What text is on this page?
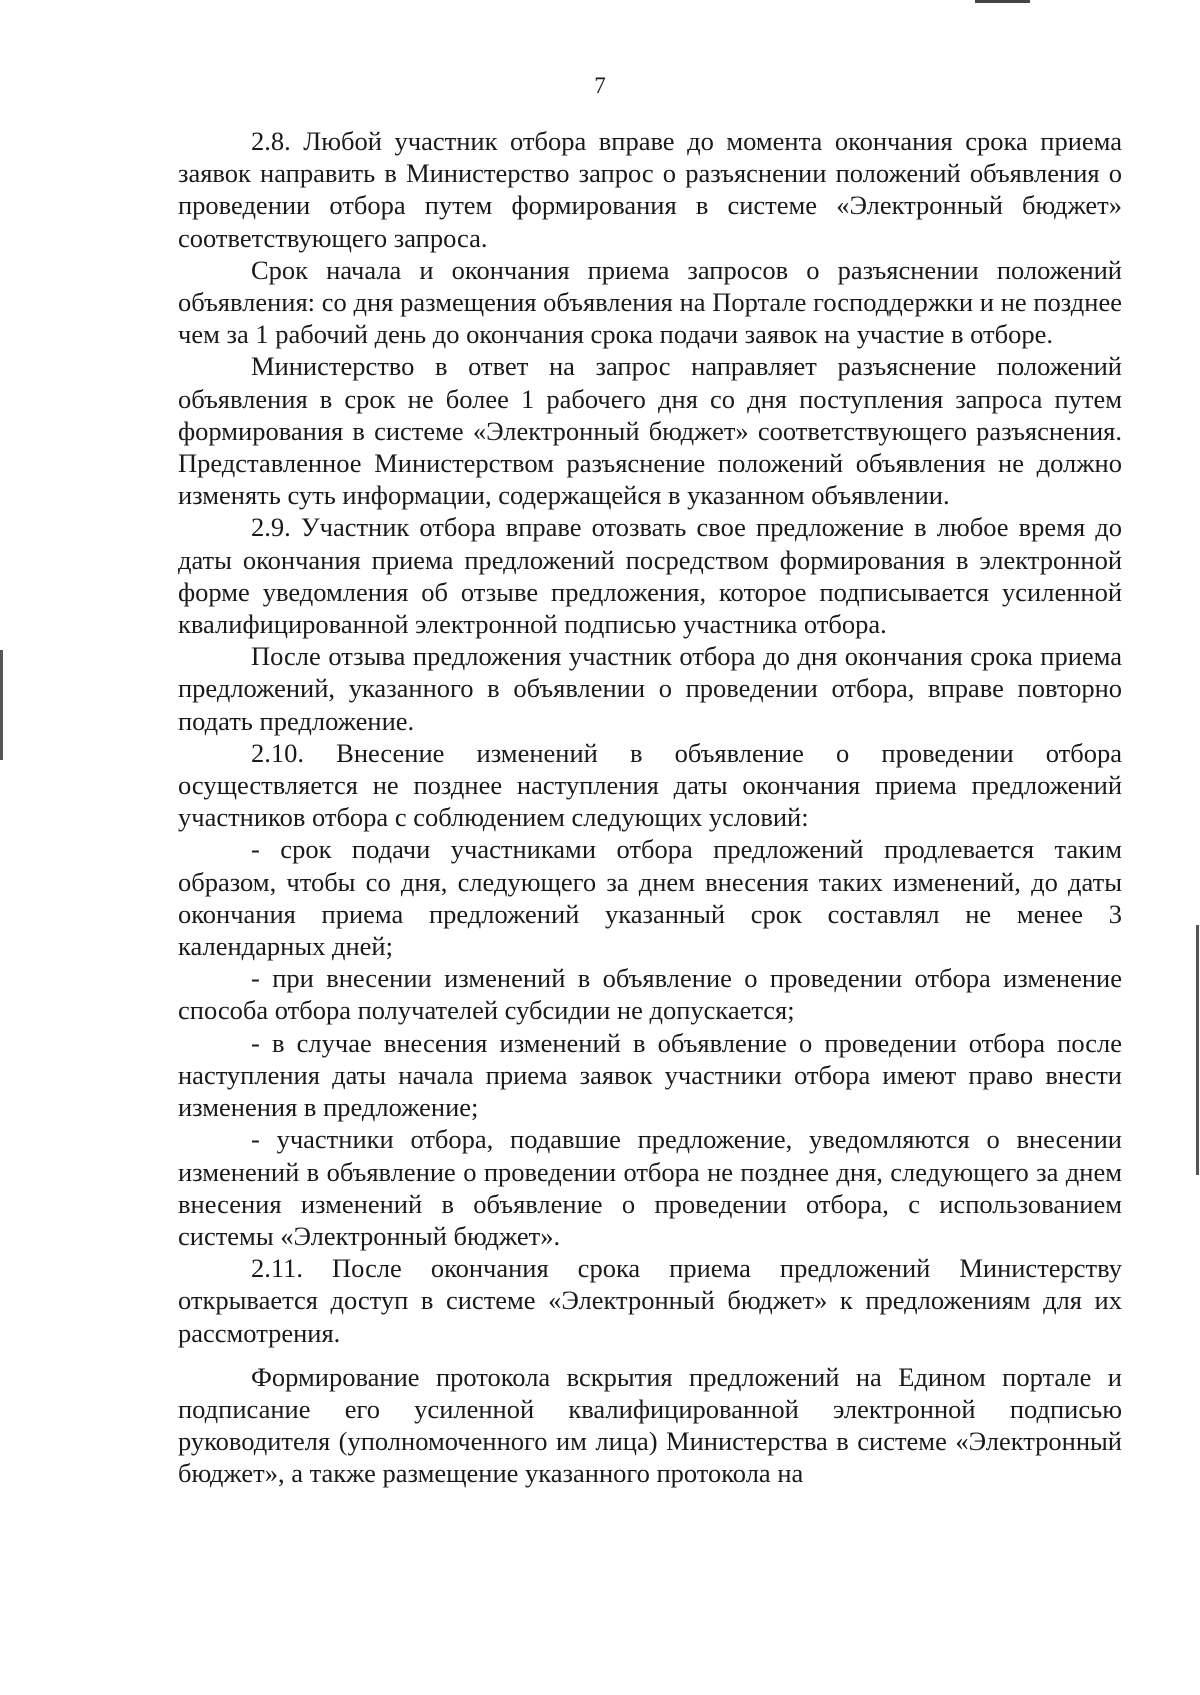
7

2.8. Любой участник отбора вправе до момента окончания срока приема заявок направить в Министерство запрос о разъяснении положений объявления о проведении отбора путем формирования в системе «Электронный бюджет» соответствующего запроса.

Срок начала и окончания приема запросов о разъяснении положений объявления: со дня размещения объявления на Портале господдержки и не позднее чем за 1 рабочий день до окончания срока подачи заявок на участие в отборе.

Министерство в ответ на запрос направляет разъяснение положений объявления в срок не более 1 рабочего дня со дня поступления запроса путем формирования в системе «Электронный бюджет» соответствующего разъяснения. Представленное Министерством разъяснение положений объявления не должно изменять суть информации, содержащейся в указанном объявлении.

2.9. Участник отбора вправе отозвать свое предложение в любое время до даты окончания приема предложений посредством формирования в электронной форме уведомления об отзыве предложения, которое подписывается усиленной квалифицированной электронной подписью участника отбора.

После отзыва предложения участник отбора до дня окончания срока приема предложений, указанного в объявлении о проведении отбора, вправе повторно подать предложение.

2.10. Внесение изменений в объявление о проведении отбора осуществляется не позднее наступления даты окончания приема предложений участников отбора с соблюдением следующих условий:

- срок подачи участниками отбора предложений продлевается таким образом, чтобы со дня, следующего за днем внесения таких изменений, до даты окончания приема предложений указанный срок составлял не менее 3 календарных дней;

- при внесении изменений в объявление о проведении отбора изменение способа отбора получателей субсидии не допускается;

- в случае внесения изменений в объявление о проведении отбора после наступления даты начала приема заявок участники отбора имеют право внести изменения в предложение;

- участники отбора, подавшие предложение, уведомляются о внесении изменений в объявление о проведении отбора не позднее дня, следующего за днем внесения изменений в объявление о проведении отбора, с использованием системы «Электронный бюджет».

2.11. После окончания срока приема предложений Министерству открывается доступ в системе «Электронный бюджет» к предложениям для их рассмотрения.

Формирование протокола вскрытия предложений на Едином портале и подписание его усиленной квалифицированной электронной подписью руководителя (уполномоченного им лица) Министерства в системе «Электронный бюджет», а также размещение указанного протокола на
